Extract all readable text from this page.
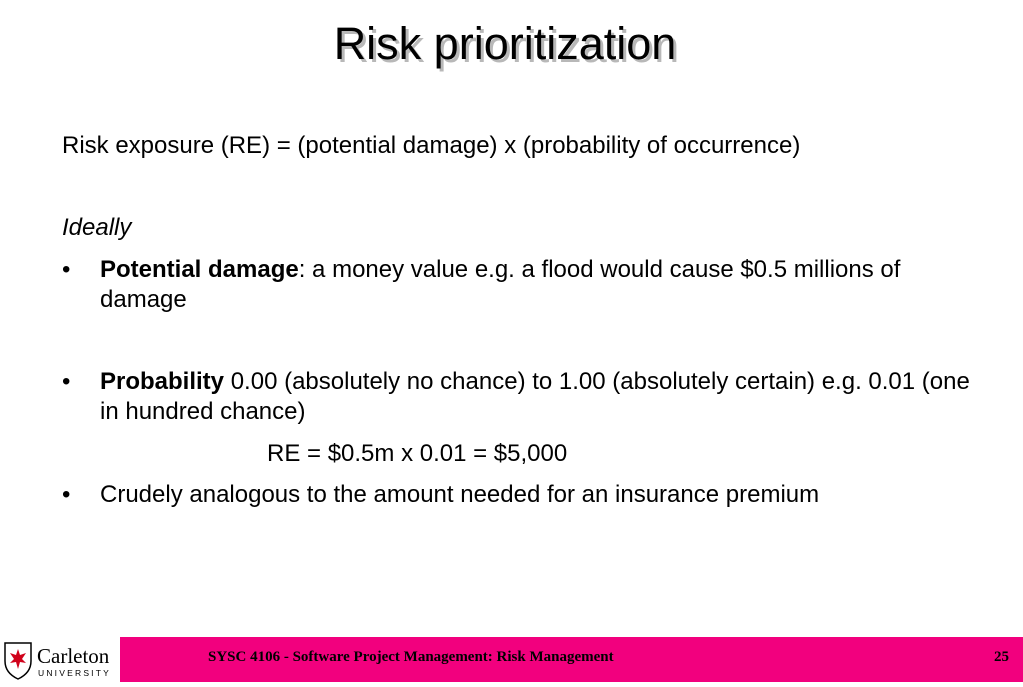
Risk prioritization
Risk exposure (RE) = (potential damage) x (probability of occurrence)
Ideally
•	Potential damage: a money value e.g. a flood would cause $0.5 millions of damage
•	Probability 0.00 (absolutely no chance) to 1.00 (absolutely certain) e.g. 0.01 (one in hundred chance)
RE = $0.5m x 0.01 = $5,000
•	Crudely analogous to the amount needed for an insurance premium
Carleton
UNIVERSITY
SYSC 4106 - Software Project Management: Risk Management	25
